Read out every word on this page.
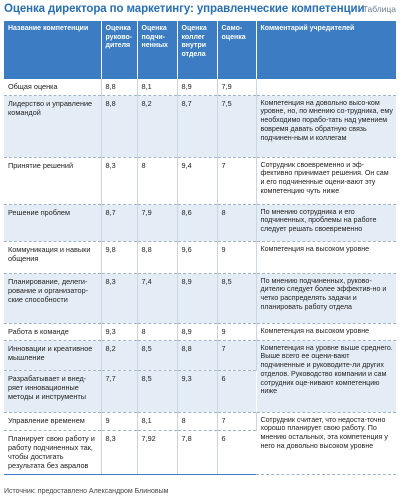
Оценка директора по маркетингу: управленческие компетенции
Таблица
Название компетенции	Оценка руково-дителя	Оценка подчи-ненных	Оценка коллег внутри отдела	Само-оценка	Комментарий учредителей
Общая оценка	8,8	8,1	8,9	7,9	
Лидерство и управление командой	8,8	8,2	8,7	7,5	Компетенция на довольно высо-ком уровне, но, по мнению со-трудника, ему необходимо порабо-тать над умением вовремя давать обратную связь подчинен-ным и коллегам
Принятие решений	8,3	8	9,4	7	Сотрудник своевременно и эф-фективно принимает решения. Он сам и его подчиненные оцени-вают эту компетенцию чуть ниже
Решение проблем	8,7	7,9	8,6	8	По мнению сотрудника и его подчиненных, проблемы на работе следует решать своевременно
Коммуникация и навыки общения	9,8	8,8	9,6	9	Компетенция на высоком уровне
Планирование, делеги-рование и организатор-ские способности	8,3	7,4	8,9	8,5	По мнению подчиненных, руково-дителю следует более эффектив-но и четко распределять задачи и планировать работу отдела
Работа в команде	9,3	8	8,9	9	Компетенция на высоком уровне
Инновации и креативное мышление	8,2	8,5	8,8	7	Компетенция на уровне выше среднего. Выше всего ее оцени-вают подчиненные и руководите-ли других отделов. Руководство компании и сам сотрудник оце-нивают компетенцию ниже
Разрабатывает и внед-ряет инновационные методы и инструменты	7,7	8,5	9,3	6	
Управление временем	9	8,1	8	7	Сотрудник считает, что недоста-точно хорошо планирует свою работу. По мнению остальных, эта компетенция у него на довольно высоком уровне
Планирует свою работу и работу подчиненных так, чтобы достигать результата без авралов	8,3	7,92	7,8	6	
Источник: предоставлено Александром Блиновым
